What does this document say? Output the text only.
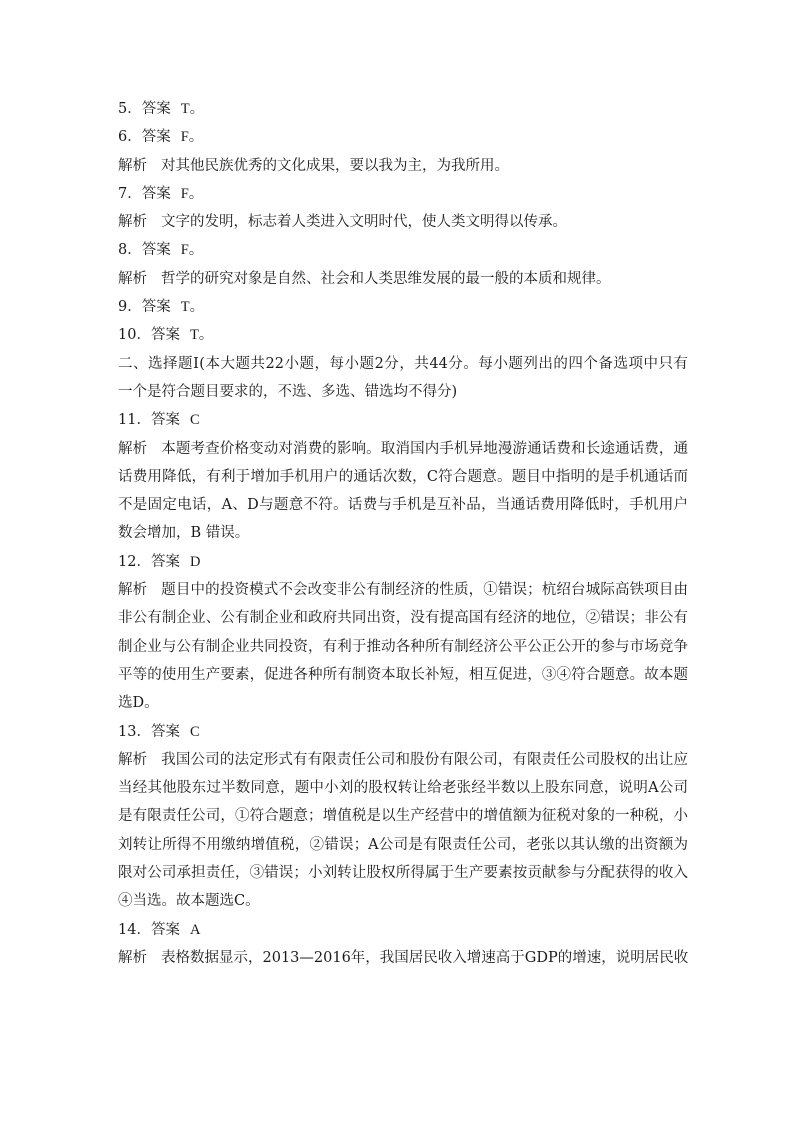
5．答案 T。
6．答案 F。
解析 对其他民族优秀的文化成果，要以我为主，为我所用。
7．答案 F。
解析 文字的发明，标志着人类进入文明时代，使人类文明得以传承。
8．答案 F。
解析 哲学的研究对象是自然、社会和人类思维发展的最一般的本质和规律。
9．答案 T。
10．答案 T。
二、选择题Ⅰ(本大题共22小题，每小题2分，共44分。每小题列出的四个备选项中只有
一个是符合题目要求的，不选、多选、错选均不得分)
11．答案 C
解析 本题考查价格变动对消费的影响。取消国内手机异地漫游通话费和长途通话费，通
话费用降低，有利于增加手机用户的通话次数，C符合题意。题目中指明的是手机通话而
不是固定电话，A、D与题意不符。话费与手机是互补品，当通话费用降低时，手机用户
数会增加，B 错误。
12．答案 D
解析 题目中的投资模式不会改变非公有制经济的性质，①错误；杭绍台城际高铁项目由
非公有制企业、公有制企业和政府共同出资，没有提高国有经济的地位，②错误；非公有
制企业与公有制企业共同投资，有利于推动各种所有制经济公平公正公开的参与市场竞争
平等的使用生产要素，促进各种所有制资本取长补短，相互促进，③④符合题意。故本题
选D。
13．答案 C
解析 我国公司的法定形式有有限责任公司和股份有限公司，有限责任公司股权的出让应
当经其他股东过半数同意，题中小刘的股权转让给老张经半数以上股东同意，说明A公司
是有限责任公司，①符合题意；增值税是以生产经营中的增值额为征税对象的一种税，小
刘转让所得不用缴纳增值税，②错误；A公司是有限责任公司，老张以其认缴的出资额为
限对公司承担责任，③错误；小刘转让股权所得属于生产要素按贡献参与分配获得的收入
④当选。故本题选C。
14．答案 A
解析 表格数据显示，2013—2016年，我国居民收入增速高于GDP的增速，说明居民收
